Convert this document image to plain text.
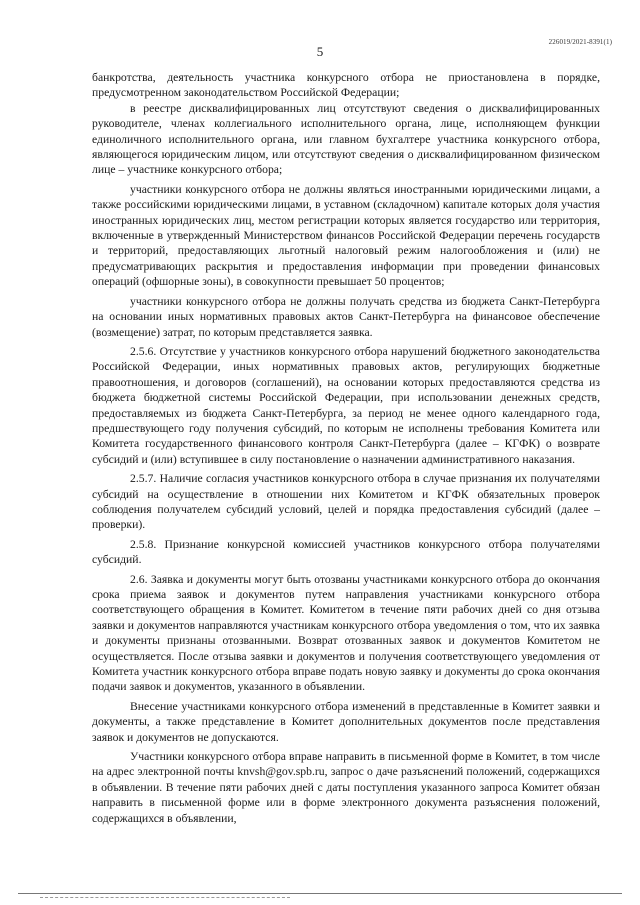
226019/2021-8391(1)
5

банкротства, деятельность участника конкурсного отбора не приостановлена в порядке, предусмотренном законодательством Российской Федерации;

в реестре дисквалифицированных лиц отсутствуют сведения о дисквалифицированных руководителе, членах коллегиального исполнительного органа, лице, исполняющем функции единоличного исполнительного органа, или главном бухгалтере участника конкурсного отбора, являющегося юридическим лицом, или отсутствуют сведения о дисквалифицированном физическом лице – участнике конкурсного отбора;

участники конкурсного отбора не должны являться иностранными юридическими лицами, а также российскими юридическими лицами, в уставном (складочном) капитале которых доля участия иностранных юридических лиц, местом регистрации которых является государство или территория, включенные в утвержденный Министерством финансов Российской Федерации перечень государств и территорий, предоставляющих льготный налоговый режим налогообложения и (или) не предусматривающих раскрытия и предоставления информации при проведении финансовых операций (офшорные зоны), в совокупности превышает 50 процентов;

участники конкурсного отбора не должны получать средства из бюджета Санкт-Петербурга на основании иных нормативных правовых актов Санкт-Петербурга на финансовое обеспечение (возмещение) затрат, по которым представляется заявка.

2.5.6. Отсутствие у участников конкурсного отбора нарушений бюджетного законодательства Российской Федерации, иных нормативных правовых актов, регулирующих бюджетные правоотношения, и договоров (соглашений), на основании которых предоставляются средства из бюджета бюджетной системы Российской Федерации, при использовании денежных средств, предоставляемых из бюджета Санкт-Петербурга, за период не менее одного календарного года, предшествующего году получения субсидий, по которым не исполнены требования Комитета или Комитета государственного финансового контроля Санкт-Петербурга (далее – КГФК) о возврате субсидий и (или) вступившее в силу постановление о назначении административного наказания.

2.5.7. Наличие согласия участников конкурсного отбора в случае признания их получателями субсидий на осуществление в отношении них Комитетом и КГФК обязательных проверок соблюдения получателем субсидий условий, целей и порядка предоставления субсидий (далее – проверки).

2.5.8. Признание конкурсной комиссией участников конкурсного отбора получателями субсидий.

2.6. Заявка и документы могут быть отозваны участниками конкурсного отбора до окончания срока приема заявок и документов путем направления участниками конкурсного отбора соответствующего обращения в Комитет. Комитетом в течение пяти рабочих дней со дня отзыва заявки и документов направляются участникам конкурсного отбора уведомления о том, что их заявка и документы признаны отозванными. Возврат отозванных заявок и документов Комитетом не осуществляется. После отзыва заявки и документов и получения соответствующего уведомления от Комитета участник конкурсного отбора вправе подать новую заявку и документы до срока окончания подачи заявок и документов, указанного в объявлении.

Внесение участниками конкурсного отбора изменений в представленные в Комитет заявки и документы, а также представление в Комитет дополнительных документов после представления заявок и документов не допускаются.

Участники конкурсного отбора вправе направить в письменной форме в Комитет, в том числе на адрес электронной почты knvsh@gov.spb.ru, запрос о даче разъяснений положений, содержащихся в объявлении. В течение пяти рабочих дней с даты поступления указанного запроса Комитет обязан направить в письменной форме или в форме электронного документа разъяснения положений, содержащихся в объявлении,
